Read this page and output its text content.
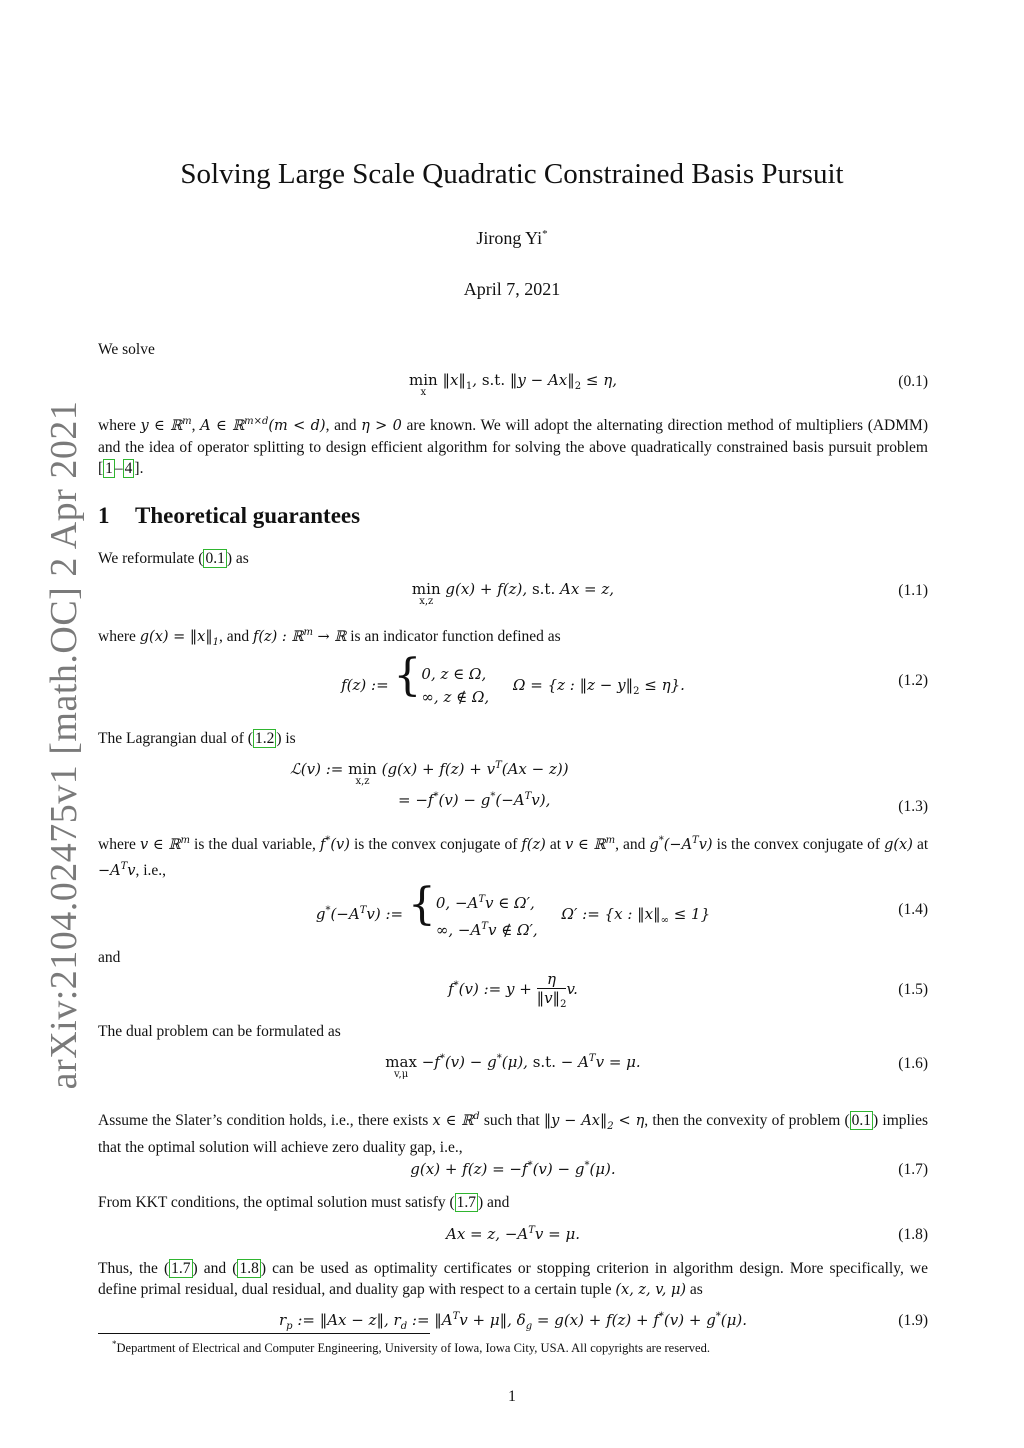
arXiv:2104.02475v1 [math.OC] 2 Apr 2021
Solving Large Scale Quadratic Constrained Basis Pursuit
Jirong Yi*
April 7, 2021
We solve
min
x
$‖x‖_1$, s.t. ‖y − $Ax‖_2 \le \eta$,	(0.1)
where y ∈ ℝ$^m$, A ∈ ℝ$^{m\times d}$(m < d), and η > 0 are known. We will adopt the alternating direction method of multipliers (ADMM) and the idea of operator splitting to design efficient algorithm for solving the above quadratically constrained basis pursuit problem [ 1 – 4 ].
1 Theoretical guarantees
We reformulate ( 0.1 ) as
min
x,z
g(x) + f(z), s.t. Ax = z,	(1.1)
where $g(x) = ‖x‖_1$, and f(z) : ℝ$^m$ → ℝ is an indicator function defined as
f(z) := {0, z ∈ Ω,
∞, z ∉ Ω,     Ω = {z : ‖z − $y‖_2 \le \eta$}.	(1.2)
The Lagrangian dual of ( 1.2 ) is
ℒ(v) := min
x,z
$(g(x) + f(z) + v^T(Ax - z))$
= $-f^*(v) - g^*(-A^Tv)$,	(1.3)
where v ∈ ℝ$^m$ is the dual variable, f*(v) is the convex conjugate of f(z) at v ∈ ℝ$^m$, and $g^*(-A^Tv)$ is the convex conjugate of g(x) at $-A^Tv$, i.e.,
$g^*(-A^Tv)$ := {0, $-A^Tv$ ∈ Ω′,
∞, $-A^Tv$ ∉ Ω′,     Ω′ := {x : $‖x‖_\infty \le 1$}	(1.4)
and
f*(v) := $y + \frac{\eta}{‖v‖_2} v$.	(1.5)
The dual problem can be formulated as
max
v,μ
−f*(v) − g*(μ), s.t. − $A^Tv = \mu$.	(1.6)
Assume the Slater’s condition holds, i.e., there exists x ∈ ℝ$^d$ such that ‖y − $Ax‖_2 < \eta$, then the convexity of problem ( 0.1 ) implies that the optimal solution will achieve zero duality gap, i.e.,
g(x) + f(z) = −f*(v) − g*(μ).	(1.7)
From KKT conditions, the optimal solution must satisfy ( 1.7 ) and
Ax = z, $-A^Tv = \mu$.	(1.8)
Thus, the ( 1.7 ) and ( 1.8 ) can be used as optimality certificates or stopping criterion in algorithm design. More specifically, we define primal residual, dual residual, and duality gap with respect to a certain tuple (x, z, v, μ) as
$r_p$ := ‖Ax − z‖, $r_d$ := $‖A^Tv$ + μ‖, $\delta_g = g(x) + f(z) + f^*(v) + g^*(\mu)$.	(1.9)
*Department of Electrical and Computer Engineering, University of Iowa, Iowa City, USA. All copyrights are reserved.
1
